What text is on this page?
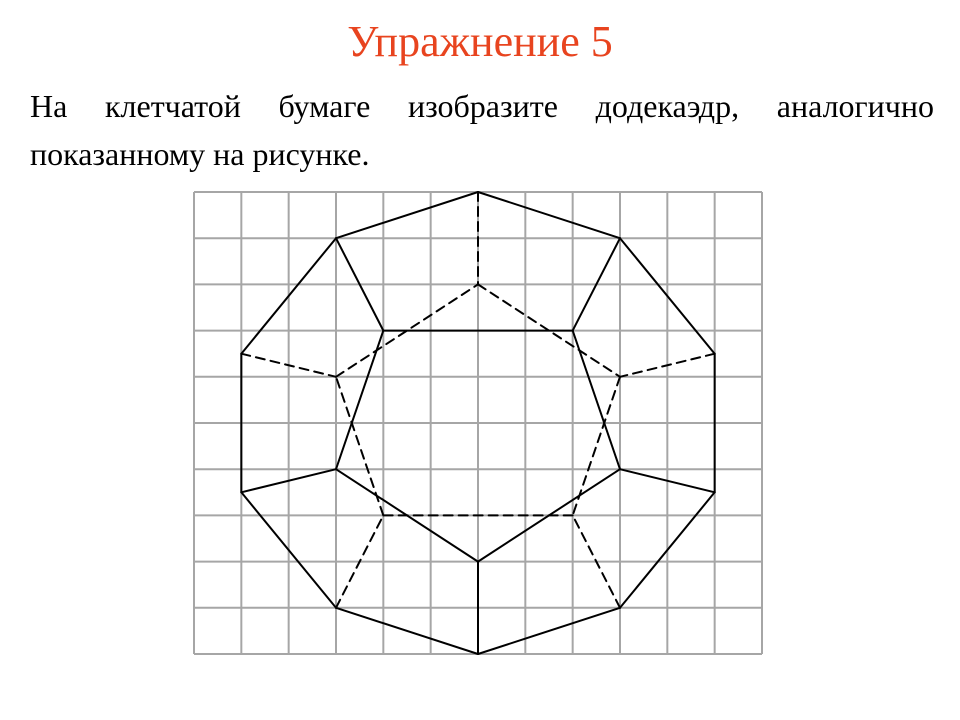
Упражнение 5

На клетчатой бумаге изобразите додекаэдр, аналогично показанному на рисунке.
